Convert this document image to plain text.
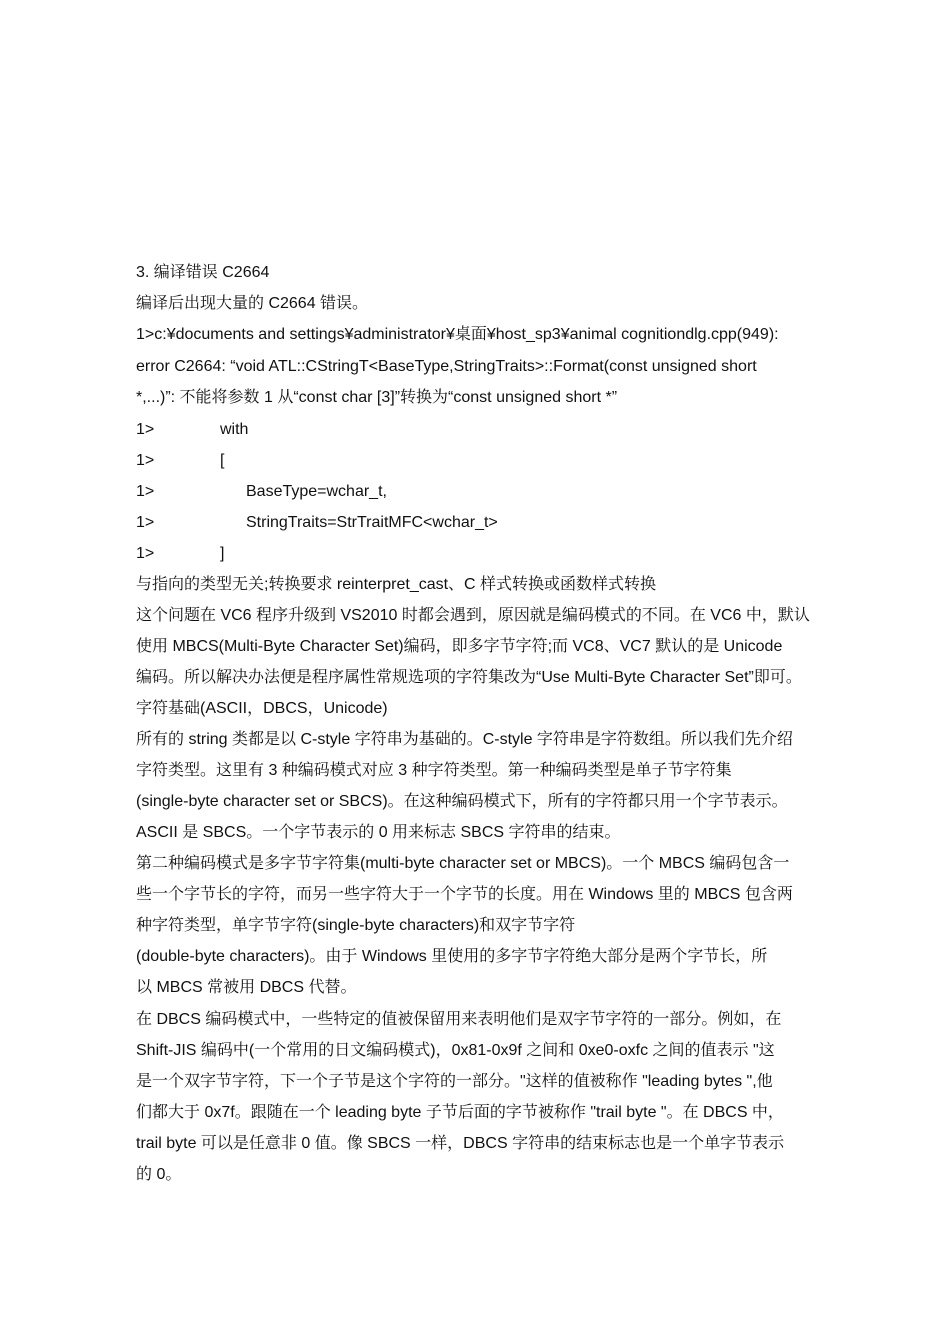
3. 编译错误 C2664
编译后出现大量的 C2664 错误。
1>c:¥documents and settings¥administrator¥桌面¥host_sp3¥animal cognitiondlg.cpp(949):
error C2664: “void ATL::CStringT<BaseType,StringTraits>::Format(const unsigned short
*,...)”: 不能将参数 1 从“const char [3]”转换为“const unsigned short *”
1>	with
1>	[
1>	BaseType=wchar_t,
1>	StringTraits=StrTraitMFC<wchar_t>
1>	]
与指向的类型无关;转换要求 reinterpret_cast、C 样式转换或函数样式转换
这个问题在 VC6 程序升级到 VS2010 时都会遇到，原因就是编码模式的不同。在 VC6 中，默认
使用 MBCS(Multi-Byte Character Set)编码，即多字节字符;而 VC8、VC7 默认的是 Unicode
编码。所以解决办法便是程序属性常规选项的字符集改为“Use Multi-Byte Character Set”即可。
字符基础(ASCII，DBCS，Unicode)
所有的 string 类都是以 C-style 字符串为基础的。C-style 字符串是字符数组。所以我们先介绍
字符类型。这里有 3 种编码模式对应 3 种字符类型。第一种编码类型是单子节字符集
(single-byte character set or SBCS)。在这种编码模式下，所有的字符都只用一个字节表示。
ASCII 是 SBCS。一个字节表示的 0 用来标志 SBCS 字符串的结束。
第二种编码模式是多字节字符集(multi-byte character set or MBCS)。一个 MBCS 编码包含一
些一个字节长的字符，而另一些字符大于一个字节的长度。用在 Windows 里的 MBCS 包含两
种字符类型，单字节字符(single-byte characters)和双字节字符
(double-byte characters)。由于 Windows 里使用的多字节字符绝大部分是两个字节长，所
以 MBCS 常被用 DBCS 代替。
在 DBCS 编码模式中，一些特定的值被保留用来表明他们是双字节字符的一部分。例如，在
Shift-JIS 编码中(一个常用的日文编码模式)，0x81-0x9f 之间和 0xe0-oxfc 之间的值表示 "这
是一个双字节字符，下一个子节是这个字符的一部分。"这样的值被称作 "leading bytes ",他
们都大于 0x7f。跟随在一个 leading byte 子节后面的字节被称作 "trail byte "。在 DBCS 中，
trail byte 可以是任意非 0 值。像 SBCS 一样，DBCS 字符串的结束标志也是一个单字节表示
的 0。
